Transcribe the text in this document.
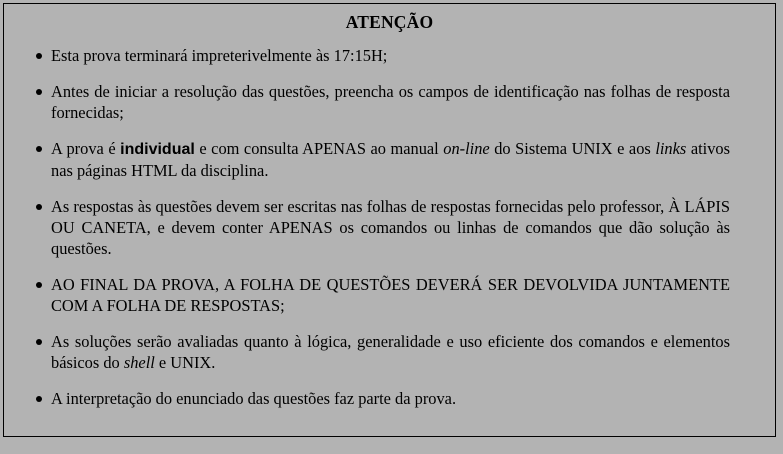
ATENÇÃO
Esta prova terminará impreterivelmente às 17:15H;
Antes de iniciar a resolução das questões, preencha os campos de identificação nas folhas de resposta fornecidas;
A prova é individual e com consulta APENAS ao manual on-line do Sistema UNIX e aos links ativos nas páginas HTML da disciplina.
As respostas às questões devem ser escritas nas folhas de respostas fornecidas pelo professor, À LÁPIS OU CANETA, e devem conter APENAS os comandos ou linhas de comandos que dão solução às questões.
AO FINAL DA PROVA, A FOLHA DE QUESTÕES DEVERÁ SER DEVOLVIDA JUNTAMENTE COM A FOLHA DE RESPOSTAS;
As soluções serão avaliadas quanto à lógica, generalidade e uso eficiente dos comandos e elementos básicos do shell e UNIX.
A interpretação do enunciado das questões faz parte da prova.
